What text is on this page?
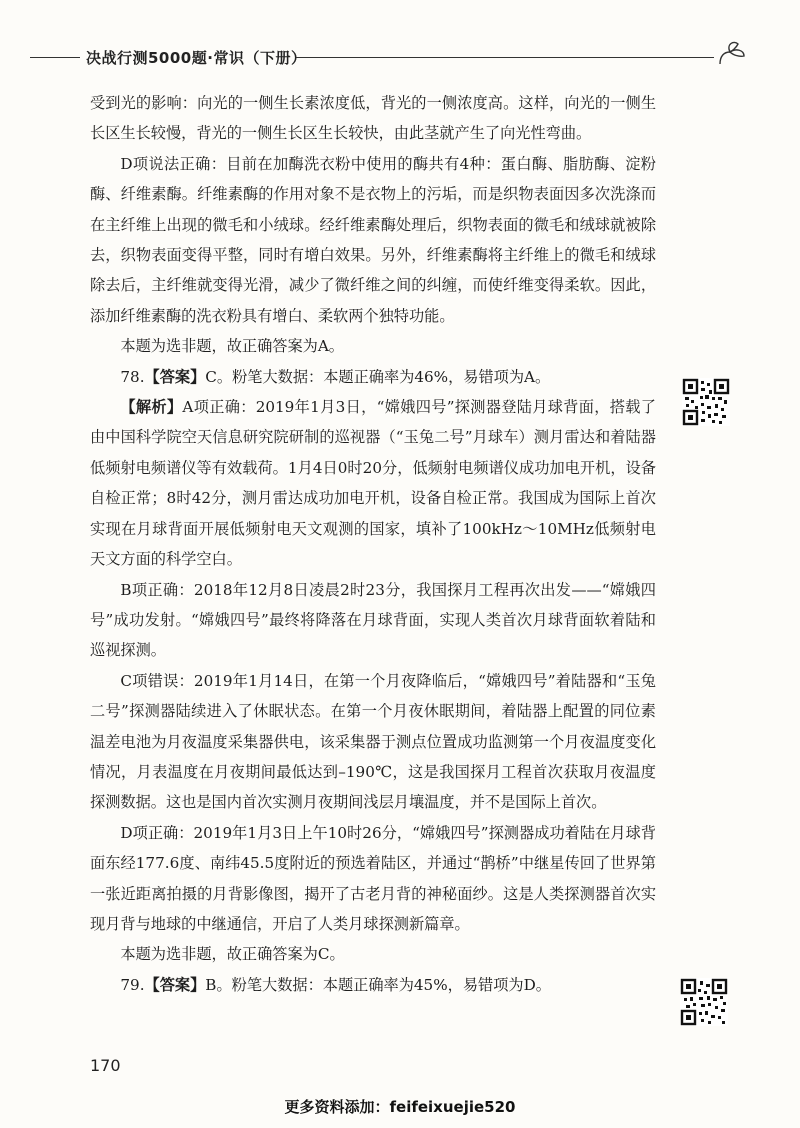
决战行测5000题·常识（下册）

受到光的影响：向光的一侧生长素浓度低，背光的一侧浓度高。这样，向光的一侧生长区生长较慢，背光的一侧生长区生长较快，由此茎就产生了向光性弯曲。

D项说法正确：目前在加酶洗衣粉中使用的酶共有4种：蛋白酶、脂肪酶、淀粉酶、纤维素酶。纤维素酶的作用对象不是衣物上的污垢，而是织物表面因多次洗涤而在主纤维上出现的微毛和小绒球。经纤维素酶处理后，织物表面的微毛和绒球就被除去，织物表面变得平整，同时有增白效果。另外，纤维素酶将主纤维上的微毛和绒球除去后，主纤维就变得光滑，减少了微纤维之间的纠缠，而使纤维变得柔软。因此，添加纤维素酶的洗衣粉具有增白、柔软两个独特功能。

本题为选非题，故正确答案为A。

78.【答案】C。粉笔大数据：本题正确率为46%，易错项为A。

【解析】A项正确：2019年1月3日，“嫦娥四号”探测器登陆月球背面，搭载了由中国科学院空天信息研究院研制的巡视器（“玉兔二号”月球车）测月雷达和着陆器低频射电频谱仪等有效载荷。1月4日0时20分，低频射电频谱仪成功加电开机，设备自检正常；8时42分，测月雷达成功加电开机，设备自检正常。我国成为国际上首次实现在月球背面开展低频射电天文观测的国家，填补了100kHz～10MHz低频射电天文方面的科学空白。

B项正确：2018年12月8日凌晨2时23分，我国探月工程再次出发——“嫦娥四号”成功发射。“嫦娥四号”最终将降落在月球背面，实现人类首次月球背面软着陆和巡视探测。

C项错误：2019年1月14日，在第一个月夜降临后，“嫦娥四号”着陆器和“玉兔二号”探测器陆续进入了休眠状态。在第一个月夜休眠期间，着陆器上配置的同位素温差电池为月夜温度采集器供电，该采集器于测点位置成功监测第一个月夜温度变化情况，月表温度在月夜期间最低达到–190℃，这是我国探月工程首次获取月夜温度探测数据。这也是国内首次实测月夜期间浅层月壤温度，并不是国际上首次。

D项正确：2019年1月3日上午10时26分，“嫦娥四号”探测器成功着陆在月球背面东经177.6度、南纬45.5度附近的预选着陆区，并通过“鹊桥”中继星传回了世界第一张近距离拍摄的月背影像图，揭开了古老月背的神秘面纱。这是人类探测器首次实现月背与地球的中继通信，开启了人类月球探测新篇章。

本题为选非题，故正确答案为C。

79.【答案】B。粉笔大数据：本题正确率为45%，易错项为D。

170
更多资料添加：feifeixuejie520
